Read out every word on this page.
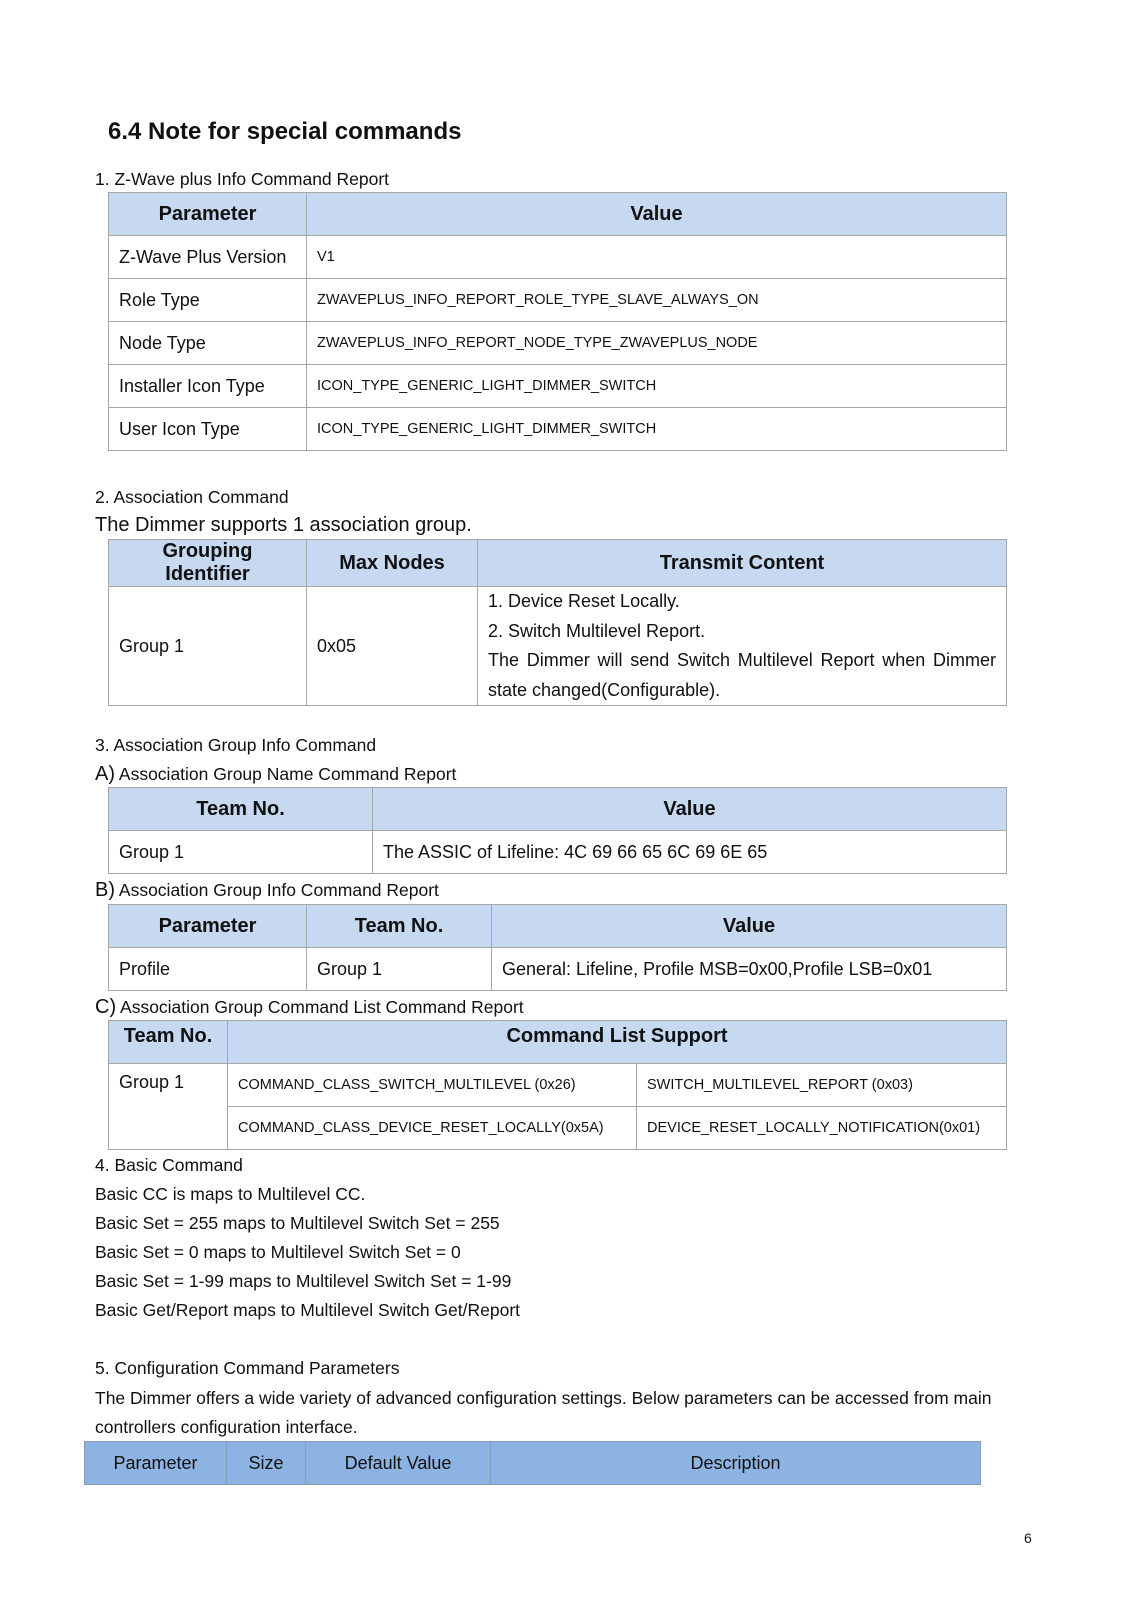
6.4 Note for special commands
1. Z-Wave plus Info Command Report
Parameter	Value
Z-Wave Plus Version	V1
Role Type	ZWAVEPLUS_INFO_REPORT_ROLE_TYPE_SLAVE_ALWAYS_ON
Node Type	ZWAVEPLUS_INFO_REPORT_NODE_TYPE_ZWAVEPLUS_NODE
Installer Icon Type	ICON_TYPE_GENERIC_LIGHT_DIMMER_SWITCH
User Icon Type	ICON_TYPE_GENERIC_LIGHT_DIMMER_SWITCH
2. Association Command
The Dimmer supports 1 association group.
Grouping Identifier	Max Nodes	Transmit Content
Group 1	0x05	1. Device Reset Locally.
2. Switch Multilevel Report.
The Dimmer will send Switch Multilevel Report when Dimmer state changed(Configurable).
3. Association Group Info Command
A) Association Group Name Command Report
Team No.	Value
Group 1	The ASSIC of Lifeline: 4C 69 66 65 6C 69 6E 65
B) Association Group Info Command Report
Parameter	Team No.	Value
Profile	Group 1	General: Lifeline, Profile MSB=0x00,Profile LSB=0x01
C) Association Group Command List Command Report
Team No.	Command List Support	
Group 1	COMMAND_CLASS_SWITCH_MULTILEVEL (0x26)	SWITCH_MULTILEVEL_REPORT (0x03)
	COMMAND_CLASS_DEVICE_RESET_LOCALLY(0x5A)	DEVICE_RESET_LOCALLY_NOTIFICATION(0x01)
4. Basic Command
Basic CC is maps to Multilevel CC.
Basic Set = 255 maps to Multilevel Switch Set = 255
Basic Set = 0 maps to Multilevel Switch Set = 0
Basic Set = 1-99 maps to Multilevel Switch Set = 1-99
Basic Get/Report maps to Multilevel Switch Get/Report
5. Configuration Command Parameters
The Dimmer offers a wide variety of advanced configuration settings. Below parameters can be accessed from main
controllers configuration interface.
Parameter	Size	Default Value	Description
6
